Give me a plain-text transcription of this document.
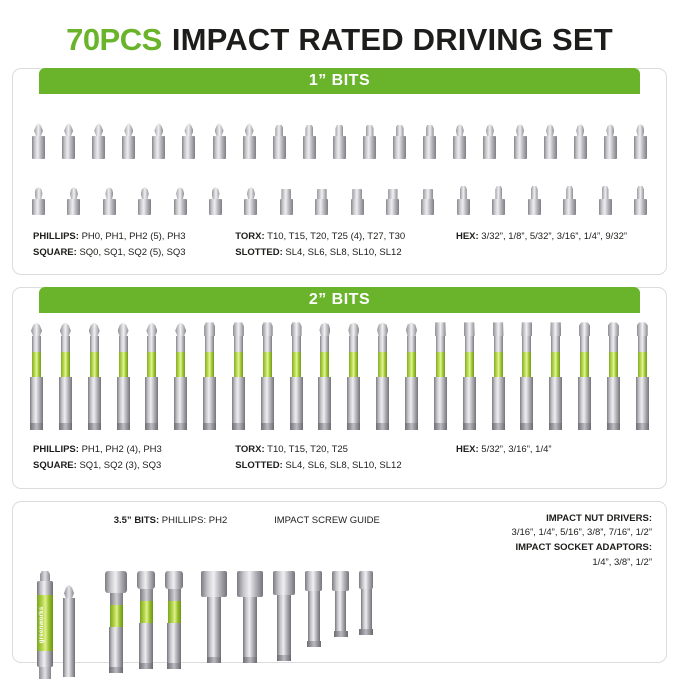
70PCS IMPACT RATED DRIVING SET
1” BITS
PHILLIPS: PH0, PH1, PH2 (5), PH3
SQUARE: SQ0, SQ1, SQ2 (5), SQ3
TORX: T10, T15, T20, T25 (4), T27, T30
SLOTTED: SL4, SL6, SL8, SL10, SL12
HEX: 3/32”, 1/8”, 5/32”, 3/16”, 1/4”, 9/32”
2” BITS
PHILLIPS: PH1, PH2 (4), PH3
SQUARE: SQ1, SQ2 (3), SQ3
TORX: T10, T15, T20, T25
SLOTTED: SL4, SL6, SL8, SL10, SL12
HEX: 5/32”, 3/16”, 1/4”
3.5” BITS: PHILLIPS: PH2	IMPACT SCREW GUIDE	IMPACT NUT DRIVERS:
3/16”, 1/4”, 5/16”, 3/8”, 7/16”, 1/2”
IMPACT SOCKET ADAPTORS:
1/4”, 3/8”, 1/2”
greenworks
